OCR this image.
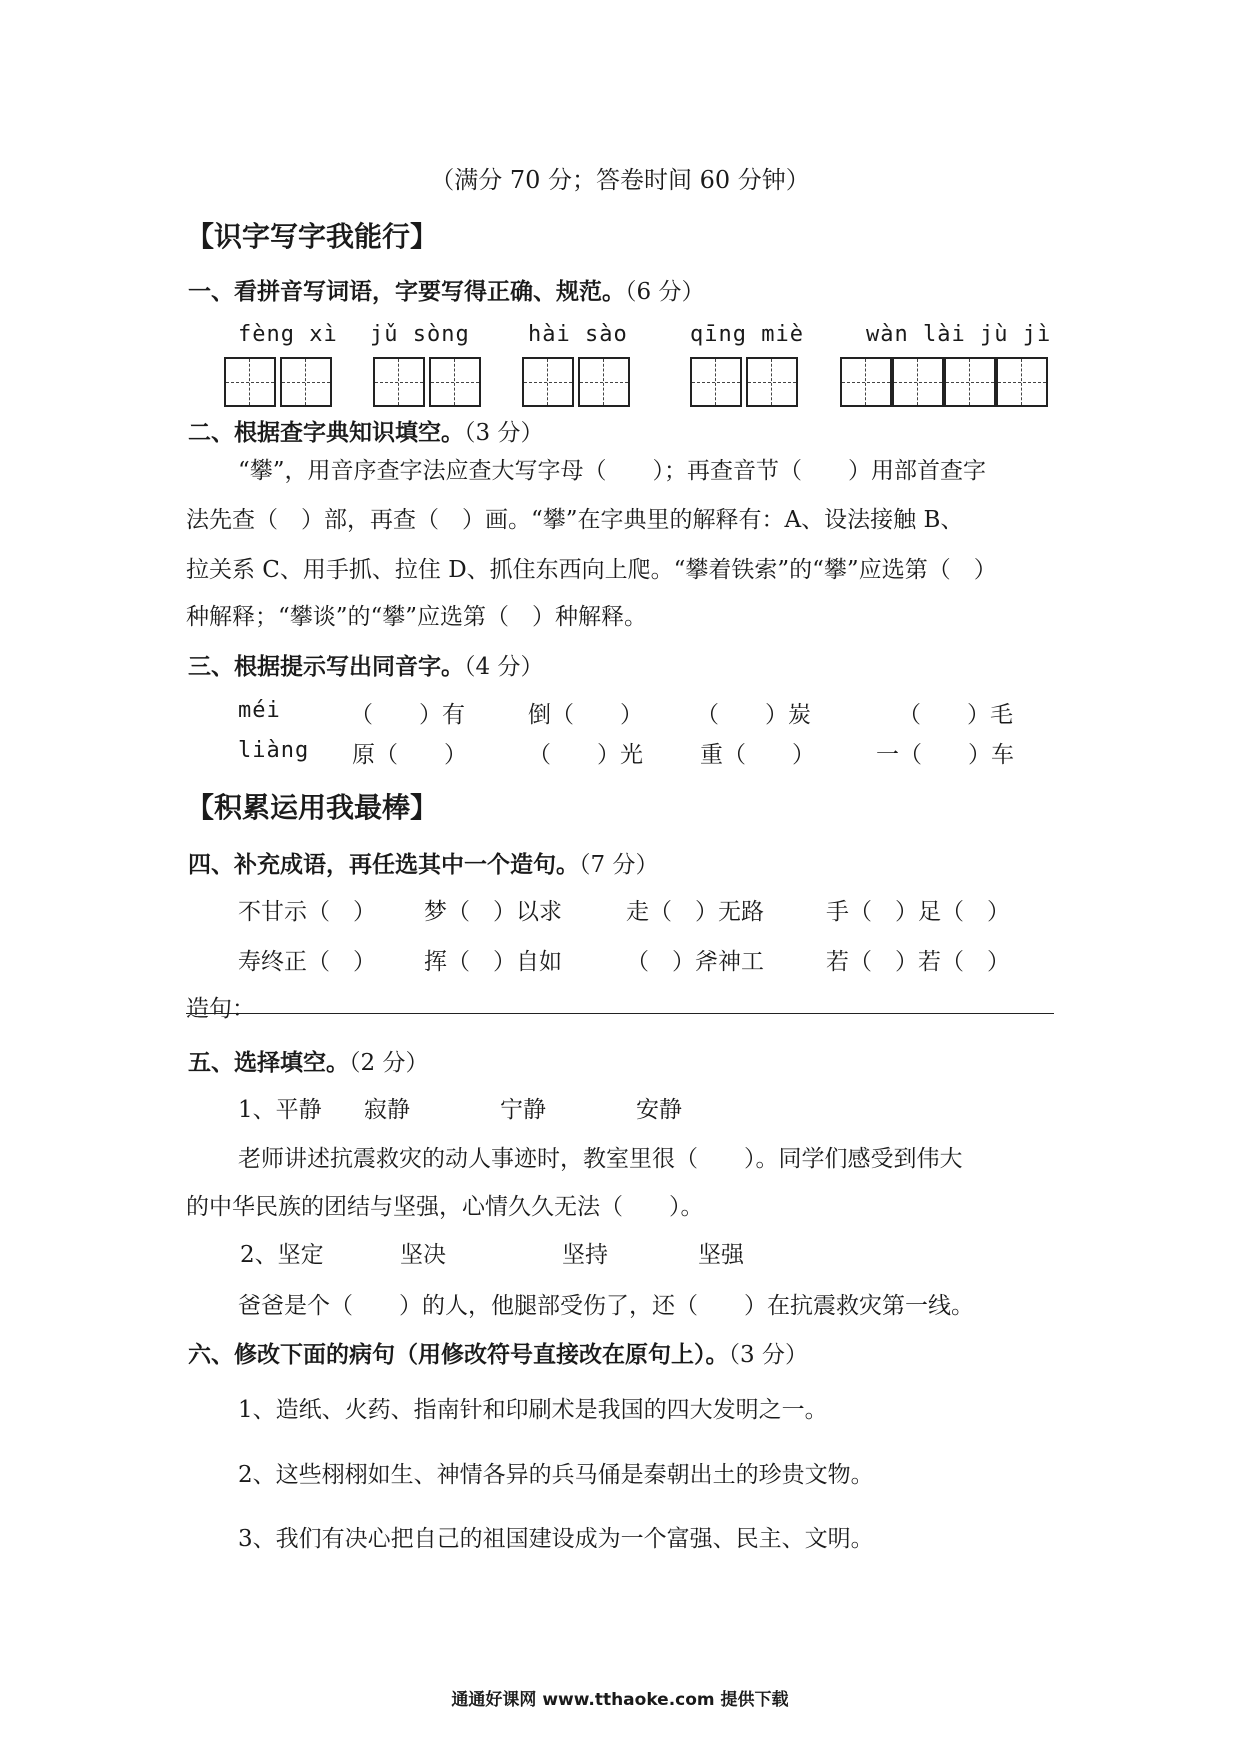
（满分 70 分；答卷时间 60 分钟）
【识字写字我能行】
一、看拼音写词语，字要写得正确、规范。（6 分）
fèng xì jǔ sòng	hài sào	qīng miè	wàn lài jù jì
二、根据查字典知识填空。（3 分）
“攀”，用音序查字法应查大写字母（　　）；再查音节（　　）用部首查字
法先查（　）部，再查（　）画。“攀”在字典里的解释有：A、设法接触 B、
拉关系 C、用手抓、拉住 D、抓住东西向上爬。“攀着铁索”的“攀”应选第（　）
种解释；“攀谈”的“攀”应选第（　）种解释。
三、根据提示写出同音字。（4 分）
méi	（　　）有	倒（　　） （　　）炭	（　　）毛
liàng 原（　　）	（　　）光 重（　　）	一（　　）车
【积累运用我最棒】
四、补充成语，再任选其中一个造句。（7 分）
不甘示（　） 梦（　）以求	走（　）无路	手（　）足（　）
寿终正（　） 挥（　）自如	（　）斧神工	若（　）若（　）
造句：
五、选择填空。（2 分）
1、平静 寂静	宁静	安静
老师讲述抗震救灾的动人事迹时，教室里很（　　）。同学们感受到伟大
的中华民族的团结与坚强，心情久久无法（　　）。
2、坚定	坚决	坚持	坚强
爸爸是个（　　）的人，他腿部受伤了，还（　　）在抗震救灾第一线。
六、修改下面的病句（用修改符号直接改在原句上）。（3 分）
1、造纸、火药、指南针和印刷术是我国的四大发明之一。
2、这些栩栩如生、神情各异的兵马俑是秦朝出土的珍贵文物。
3、我们有决心把自己的祖国建设成为一个富强、民主、文明。
通通好课网 www.tthaoke.com 提供下载
